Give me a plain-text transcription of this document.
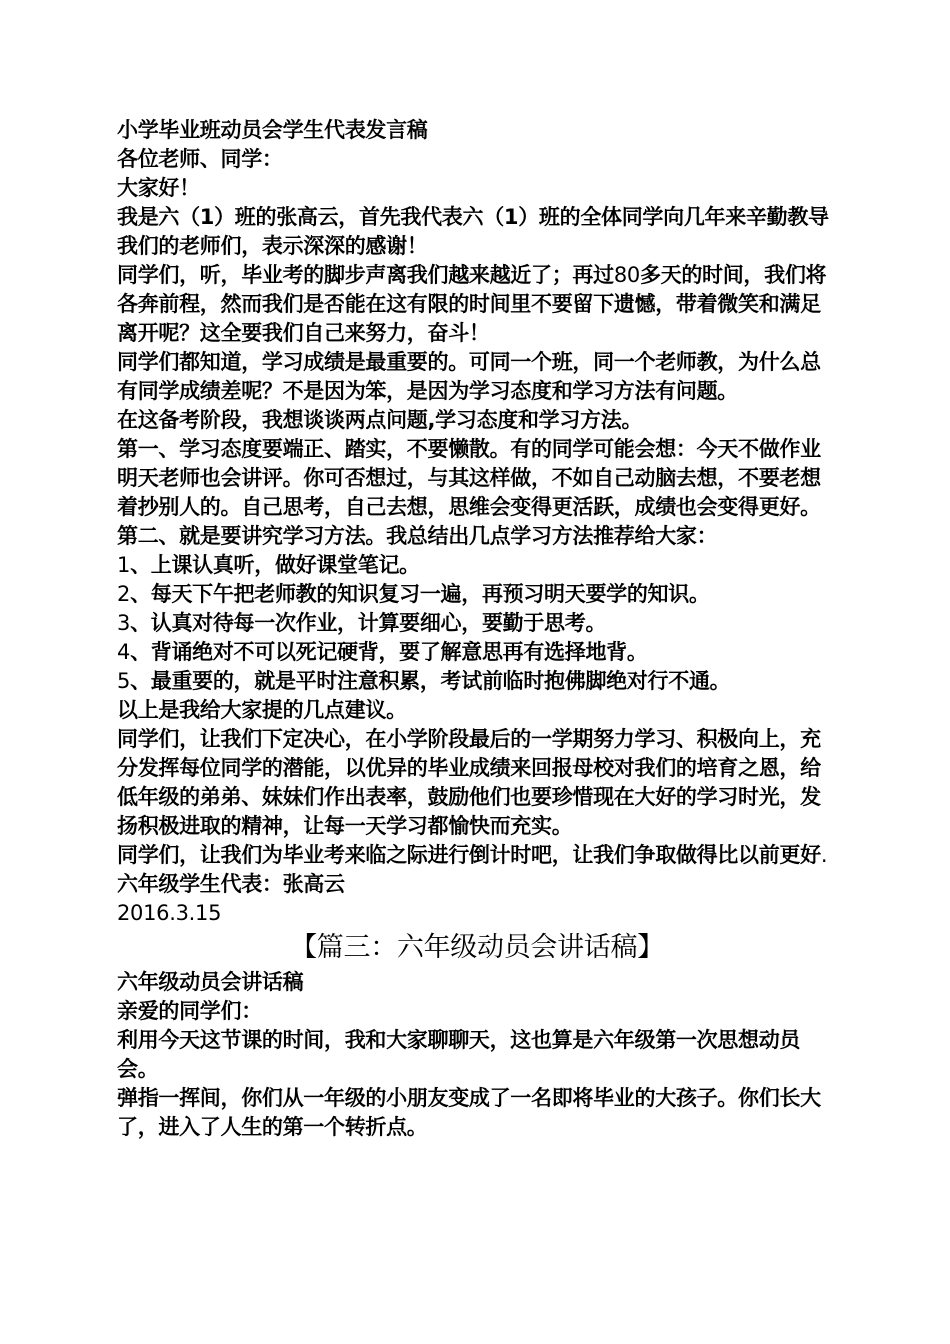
小学毕业班动员会学生代表发言稿

各位老师、同学：

大家好！

我是六（1）班的张高云，首先我代表六（1）班的全体同学向几年来辛勤教导我们的老师们，表示深深的感谢！

同学们，听，毕业考的脚步声离我们越来越近了；再过80多天的时间，我们将各奔前程，然而我们是否能在这有限的时间里不要留下遗憾，带着微笑和满足离开呢？这全要我们自己来努力，奋斗！

同学们都知道，学习成绩是最重要的。可同一个班，同一个老师教，为什么总有同学成绩差呢？不是因为笨，是因为学习态度和学习方法有问题。

在这备考阶段，我想谈谈两点问题,学习态度和学习方法。

第一、学习态度要端正、踏实，不要懒散。有的同学可能会想：今天不做作业明天老师也会讲评。你可否想过，与其这样做，不如自己动脑去想，不要老想着抄别人的。自己思考，自己去想，思维会变得更活跃，成绩也会变得更好。

第二、就是要讲究学习方法。我总结出几点学习方法推荐给大家：

1、上课认真听，做好课堂笔记。

2、每天下午把老师教的知识复习一遍，再预习明天要学的知识。

3、认真对待每一次作业，计算要细心，要勤于思考。

4、背诵绝对不可以死记硬背，要了解意思再有选择地背。

5、最重要的，就是平时注意积累，考试前临时抱佛脚绝对行不通。

以上是我给大家提的几点建议。

同学们，让我们下定决心，在小学阶段最后的一学期努力学习、积极向上，充分发挥每位同学的潜能，以优异的毕业成绩来回报母校对我们的培育之恩，给低年级的弟弟、妹妹们作出表率，鼓励他们也要珍惜现在大好的学习时光，发扬积极进取的精神，让每一天学习都愉快而充实。

同学们，让我们为毕业考来临之际进行倒计时吧，让我们争取做得比以前更好.

六年级学生代表：张高云

2016.3.15

【篇三：六年级动员会讲话稿】

六年级动员会讲话稿

亲爱的同学们：

利用今天这节课的时间，我和大家聊聊天，这也算是六年级第一次思想动员会。

弹指一挥间，你们从一年级的小朋友变成了一名即将毕业的大孩子。你们长大了，进入了人生的第一个转折点。
